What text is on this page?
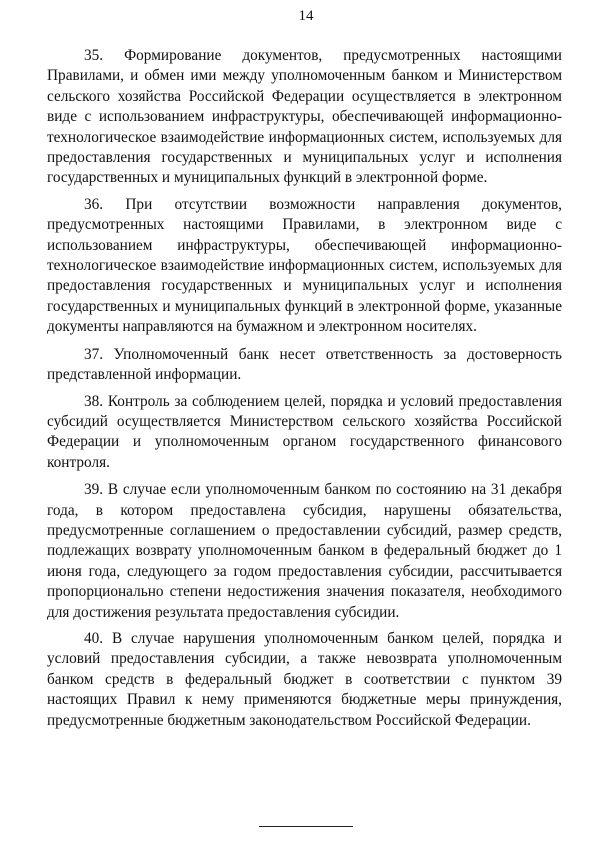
14

35. Формирование документов, предусмотренных настоящими Правилами, и обмен ими между уполномоченным банком и Министерством сельского хозяйства Российской Федерации осуществляется в электронном виде с использованием инфраструктуры, обеспечивающей информационно-технологическое взаимодействие информационных систем, используемых для предоставления государственных и муниципальных услуг и исполнения государственных и муниципальных функций в электронной форме.

36. При отсутствии возможности направления документов, предусмотренных настоящими Правилами, в электронном виде с использованием инфраструктуры, обеспечивающей информационно-технологическое взаимодействие информационных систем, используемых для предоставления государственных и муниципальных услуг и исполнения государственных и муниципальных функций в электронной форме, указанные документы направляются на бумажном и электронном носителях.

37. Уполномоченный банк несет ответственность за достоверность представленной информации.

38. Контроль за соблюдением целей, порядка и условий предоставления субсидий осуществляется Министерством сельского хозяйства Российской Федерации и уполномоченным органом государственного финансового контроля.

39. В случае если уполномоченным банком по состоянию на 31 декабря года, в котором предоставлена субсидия, нарушены обязательства, предусмотренные соглашением о предоставлении субсидий, размер средств, подлежащих возврату уполномоченным банком в федеральный бюджет до 1 июня года, следующего за годом предоставления субсидии, рассчитывается пропорционально степени недостижения значения показателя, необходимого для достижения результата предоставления субсидии.

40. В случае нарушения уполномоченным банком целей, порядка и условий предоставления субсидии, а также невозврата уполномоченным банком средств в федеральный бюджет в соответствии с пунктом 39 настоящих Правил к нему применяются бюджетные меры принуждения, предусмотренные бюджетным законодательством Российской Федерации.
